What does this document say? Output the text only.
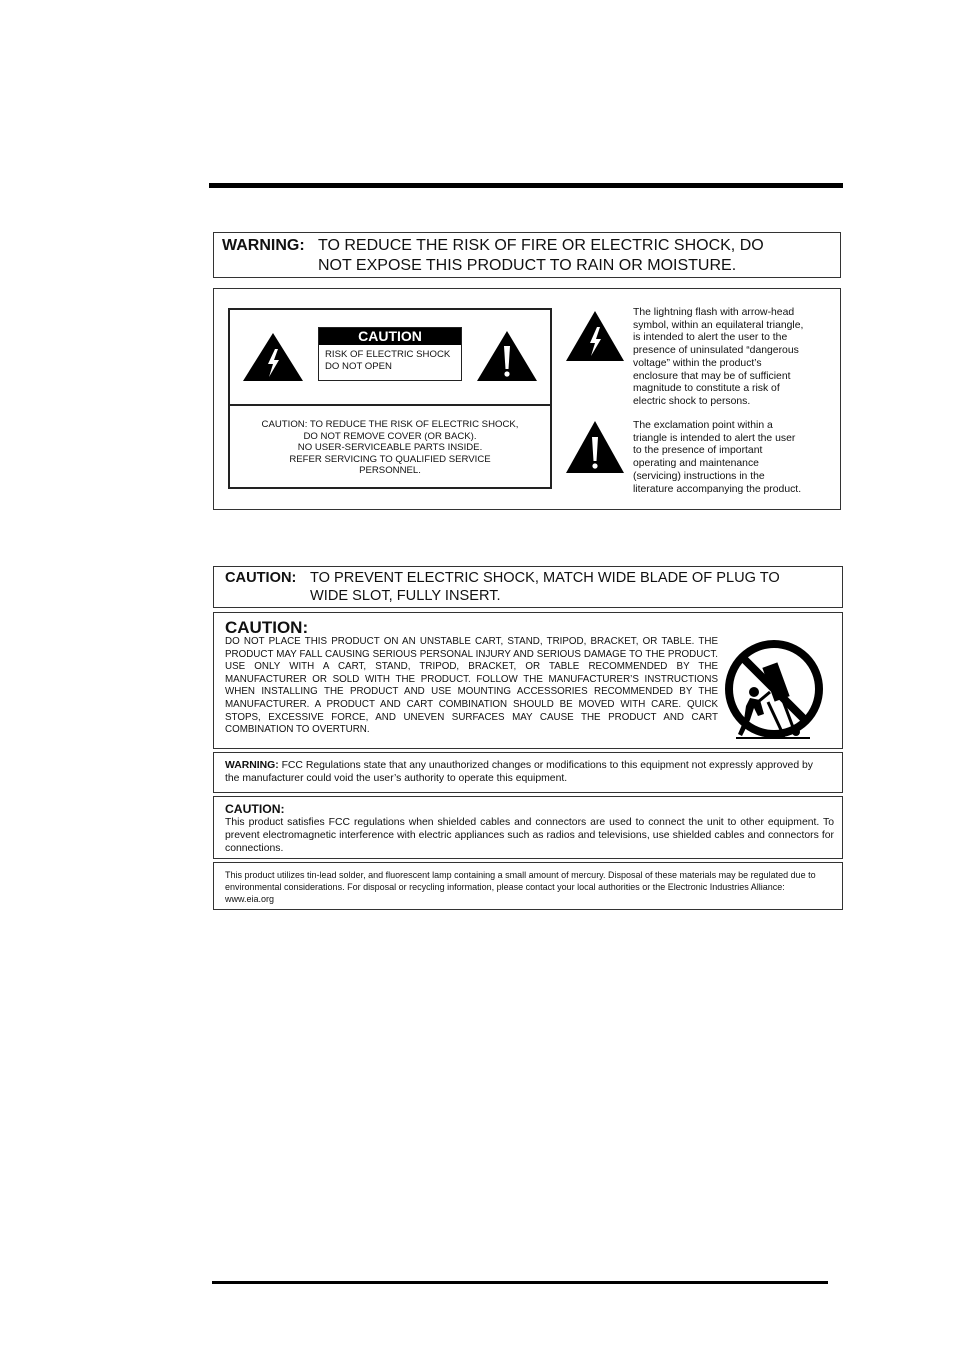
WARNING: TO REDUCE THE RISK OF FIRE OR ELECTRIC SHOCK, DO
NOT EXPOSE THIS PRODUCT TO RAIN OR MOISTURE.
CAUTION: TO REDUCE THE RISK OF ELECTRIC SHOCK,
DO NOT REMOVE COVER (OR BACK).
NO USER-SERVICEABLE PARTS INSIDE.
REFER SERVICING TO QUALIFIED SERVICE
PERSONNEL.
CAUTION
RISK OF ELECTRIC SHOCK
DO NOT OPEN
The lightning flash with arrow-head
symbol, within an equilateral triangle,
is intended to alert the user to the
presence of uninsulated “dangerous
voltage” within the product’s
enclosure that may be of sufficient
magnitude to constitute a risk of
electric shock to persons.
The exclamation point within a
triangle is intended to alert the user
to the presence of important
operating and maintenance
(servicing) instructions in the
literature accompanying the product.
CAUTION: TO PREVENT ELECTRIC SHOCK, MATCH WIDE BLADE OF PLUG TO
WIDE SLOT, FULLY INSERT.
CAUTION:
DO NOT PLACE THIS PRODUCT ON AN UNSTABLE CART, STAND, TRIPOD, BRACKET, OR TABLE. THE PRODUCT MAY FALL CAUSING SERIOUS PERSONAL INJURY AND SERIOUS DAMAGE TO THE PRODUCT. USE ONLY WITH A CART, STAND, TRIPOD, BRACKET, OR TABLE RECOMMENDED BY THE MANUFACTURER OR SOLD WITH THE PRODUCT. FOLLOW THE MANUFACTURER’S INSTRUCTIONS WHEN INSTALLING THE PRODUCT AND USE MOUNTING ACCESSORIES RECOMMENDED BY THE MANUFACTURER. A PRODUCT AND CART COMBINATION SHOULD BE MOVED WITH CARE. QUICK STOPS, EXCESSIVE FORCE, AND UNEVEN SURFACES MAY CAUSE THE PRODUCT AND CART COMBINATION TO OVERTURN.
WARNING: FCC Regulations state that any unauthorized changes or modifications to this equipment not expressly approved by the manufacturer could void the user’s authority to operate this equipment.
CAUTION:
This product satisfies FCC regulations when shielded cables and connectors are used to connect the unit to other equipment. To prevent electromagnetic interference with electric appliances such as radios and televisions, use shielded cables and connectors for connections.
This product utilizes tin-lead solder, and fluorescent lamp containing a small amount of mercury. Disposal of these materials may be regulated due to environmental considerations. For disposal or recycling information, please contact your local authorities or the Electronic Industries Alliance: www.eia.org
